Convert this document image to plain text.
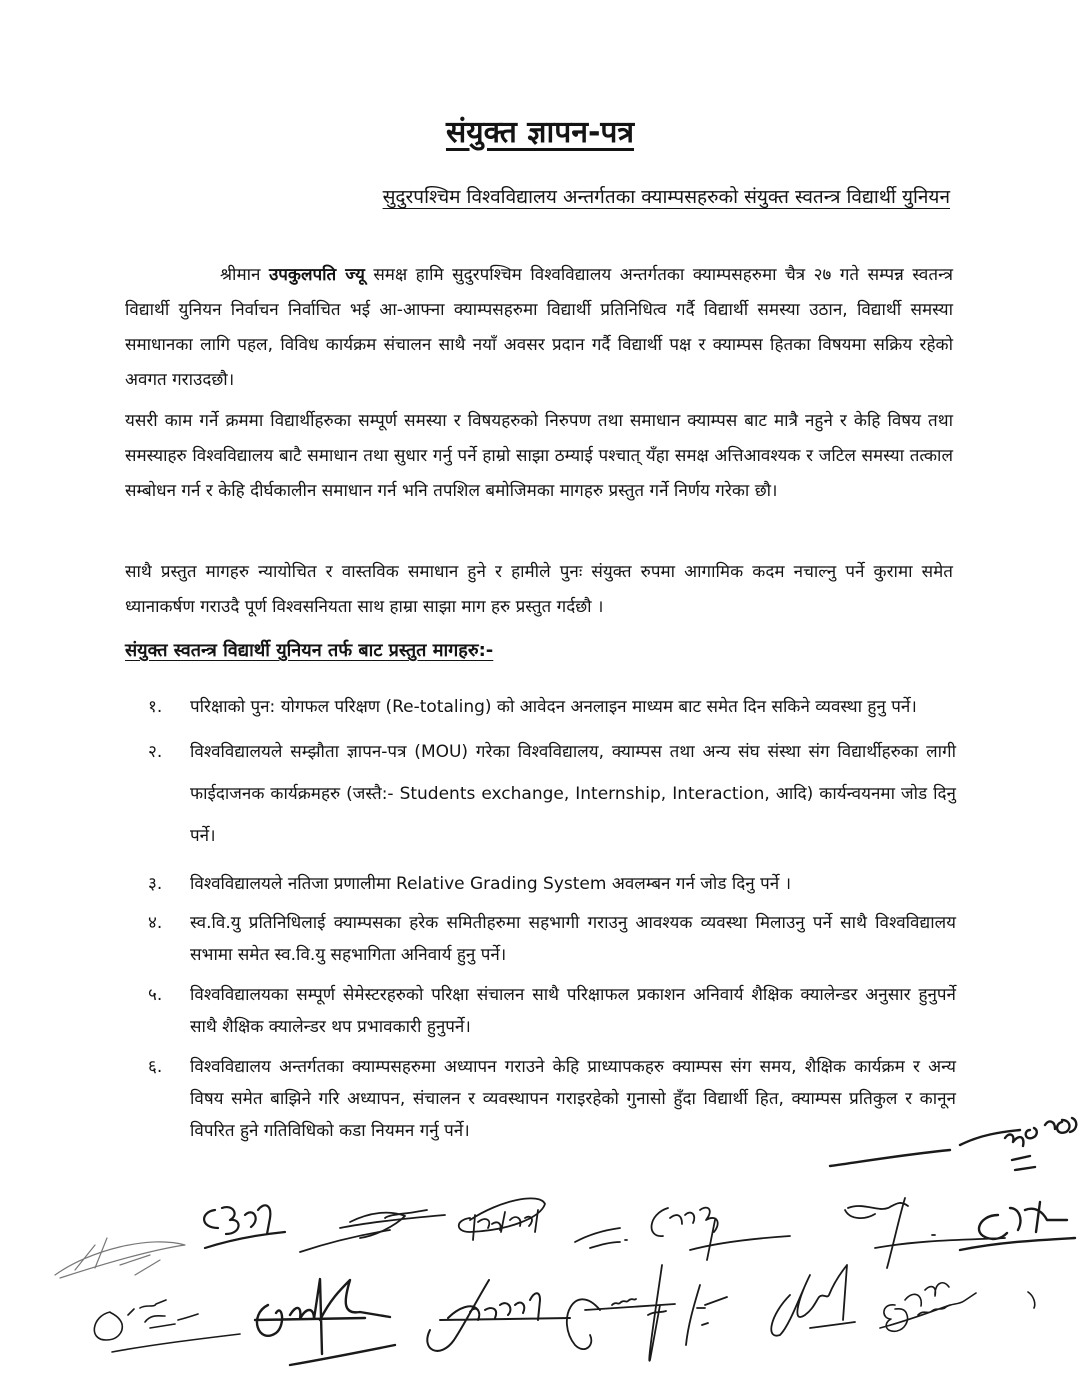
संयुक्त ज्ञापन-पत्र
सुदुरपश्चिम विश्वविद्यालय अन्तर्गतका क्याम्पसहरुको संयुक्त स्वतन्त्र विद्यार्थी युनियन
श्रीमान उपकुलपति ज्यू समक्ष हामि सुदुरपश्चिम विश्वविद्यालय अन्तर्गतका क्याम्पसहरुमा चैत्र २७ गते सम्पन्न स्वतन्त्र विद्यार्थी युनियन निर्वाचन निर्वाचित भई आ-आफ्ना क्याम्पसहरुमा विद्यार्थी प्रतिनिधित्व गर्दै विद्यार्थी समस्या उठान, विद्यार्थी समस्या समाधानका लागि पहल, विविध कार्यक्रम संचालन साथै नयाँ अवसर प्रदान गर्दै विद्यार्थी पक्ष र क्याम्पस हितका विषयमा सक्रिय रहेको अवगत गराउदछौ।
यसरी काम गर्ने क्रममा विद्यार्थीहरुका सम्पूर्ण समस्या र विषयहरुको निरुपण तथा समाधान क्याम्पस बाट मात्रै नहुने र केहि विषय तथा समस्याहरु विश्वविद्यालय बाटै समाधान तथा सुधार गर्नु पर्ने हाम्रो साझा ठम्याई पश्चात् यँहा समक्ष अत्तिआवश्यक र जटिल समस्या तत्काल सम्बोधन गर्न र केहि दीर्घकालीन समाधान गर्न भनि तपशिल बमोजिमका मागहरु प्रस्तुत गर्ने निर्णय गरेका छौ।
साथै प्रस्तुत मागहरु न्यायोचित र वास्तविक समाधान हुने र हामीले पुनः संयुक्त रुपमा आगामिक कदम नचाल्नु पर्ने कुरामा समेत ध्यानाकर्षण गराउदै पूर्ण विश्वसनियता साथ हाम्रा साझा माग हरु प्रस्तुत गर्दछौ ।
संयुक्त स्वतन्त्र विद्यार्थी युनियन तर्फ बाट प्रस्तुत मागहरु:-
१.	परिक्षाको पुन: योगफल परिक्षण (Re-totaling) को आवेदन अनलाइन माध्यम बाट समेत दिन सकिने व्यवस्था हुनु पर्ने।
२.	विश्वविद्यालयले सम्झौता ज्ञापन-पत्र (MOU) गरेका विश्वविद्यालय, क्याम्पस तथा अन्य संघ संस्था संग विद्यार्थीहरुका लागी फाईदाजनक कार्यक्रमहरु (जस्तै:- Students exchange, Internship, Interaction, आदि) कार्यन्वयनमा जोड दिनु पर्ने।
३.	विश्वविद्यालयले नतिजा प्रणालीमा Relative Grading System अवलम्बन गर्न जोड दिनु पर्ने ।
४.	स्व.वि.यु प्रतिनिधिलाई क्याम्पसका हरेक समितीहरुमा सहभागी गराउनु आवश्यक व्यवस्था मिलाउनु पर्ने साथै विश्वविद्यालय सभामा समेत स्व.वि.यु सहभागिता अनिवार्य हुनु पर्ने।
५.	विश्वविद्यालयका सम्पूर्ण सेमेस्टरहरुको परिक्षा संचालन साथै परिक्षाफल प्रकाशन अनिवार्य शैक्षिक क्यालेन्डर अनुसार हुनुपर्ने साथै शैक्षिक क्यालेन्डर थप प्रभावकारी हुनुपर्ने।
६.	विश्वविद्यालय अन्तर्गतका क्याम्पसहरुमा अध्यापन गराउने केहि प्राध्यापकहरु क्याम्पस संग समय, शैक्षिक कार्यक्रम र अन्य विषय समेत बाझिने गरि अध्यापन, संचालन र व्यवस्थापन गराइरहेको गुनासो हुँदा विद्यार्थी हित, क्याम्पस प्रतिकुल र कानून विपरित हुने गतिविधिको कडा नियमन गर्नु पर्ने।
